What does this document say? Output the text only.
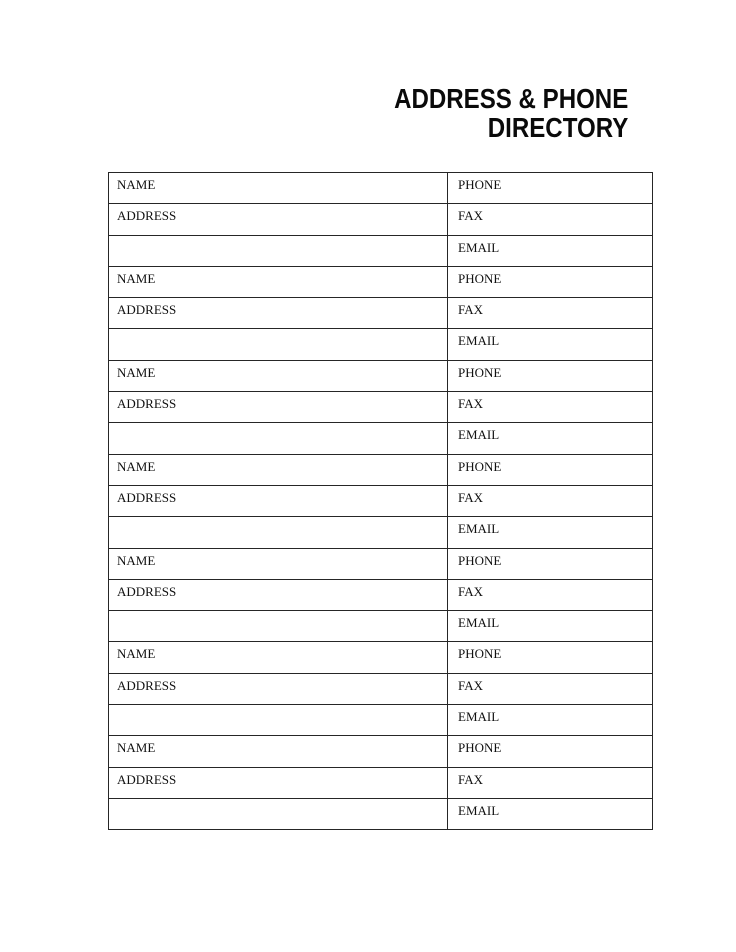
ADDRESS & PHONE
DIRECTORY
NAME	PHONE
ADDRESS	FAX
	EMAIL
NAME	PHONE
ADDRESS	FAX
	EMAIL
NAME	PHONE
ADDRESS	FAX
	EMAIL
NAME	PHONE
ADDRESS	FAX
	EMAIL
NAME	PHONE
ADDRESS	FAX
	EMAIL
NAME	PHONE
ADDRESS	FAX
	EMAIL
NAME	PHONE
ADDRESS	FAX
	EMAIL
